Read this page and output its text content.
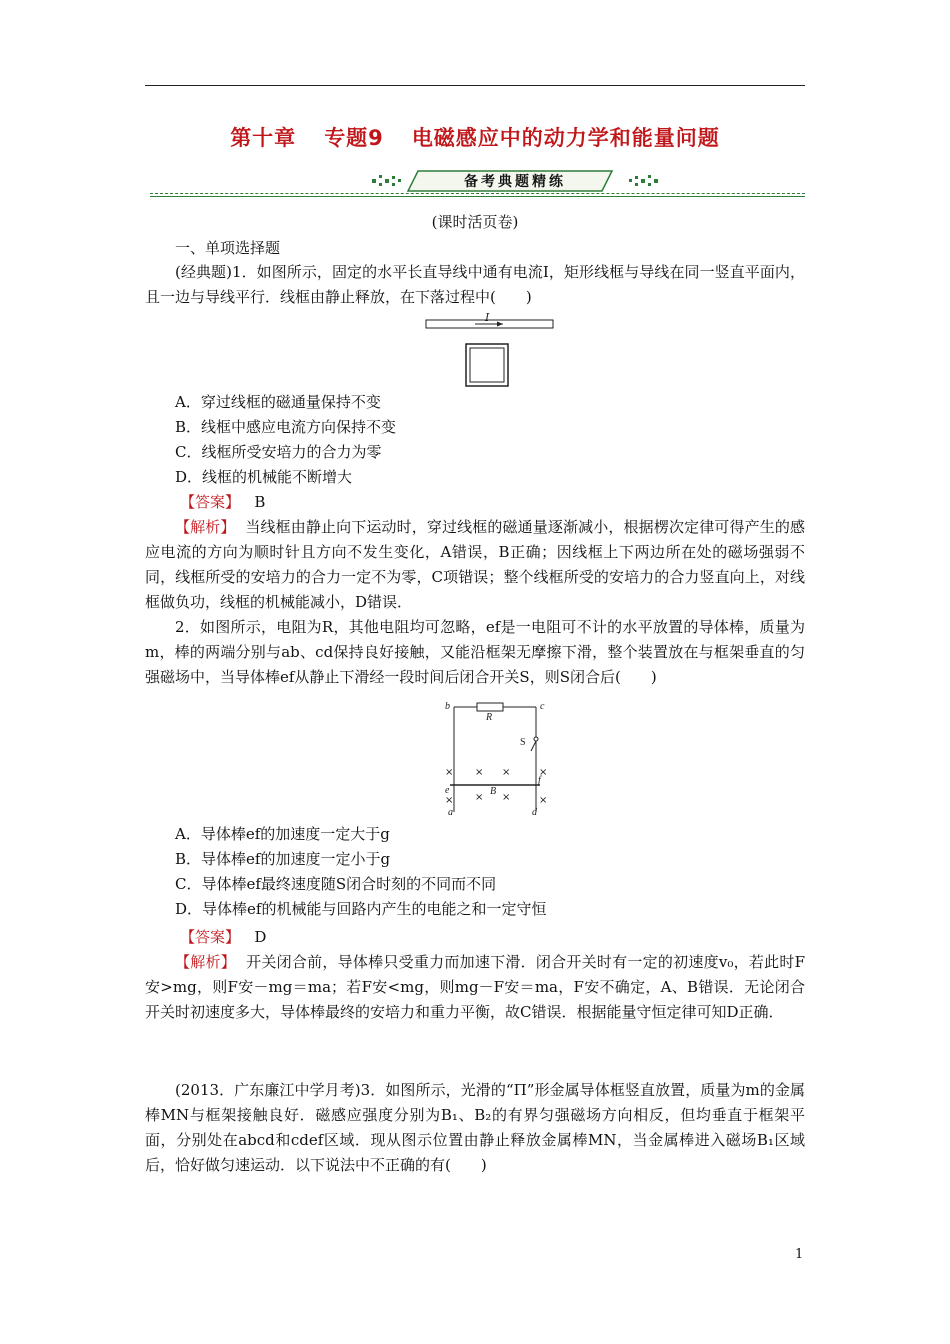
第十章 专题9 电磁感应中的动力学和能量问题
备考典题精练
(课时活页卷)
一、单项选择题
(经典题)1．如图所示，固定的水平长直导线中通有电流I，矩形线框与导线在同一竖直平面内，且一边与导线平行．线框由静止释放，在下落过程中(　　)
I
A．穿过线框的磁通量保持不变
B．线框中感应电流方向保持不变
C．线框所受安培力的合力为零
D．线框的机械能不断增大
【答案】 B
【解析】 当线框由静止向下运动时，穿过线框的磁通量逐渐减小，根据楞次定律可得产生的感应电流的方向为顺时针且方向不发生变化，A错误，B正确；因线框上下两边所在处的磁场强弱不同，线框所受的安培力的合力一定不为零，C项错误；整个线框所受的安培力的合力竖直向上，对线框做负功，线框的机械能减小，D错误．
2．如图所示，电阻为R，其他电阻均可忽略，ef是一电阻可不计的水平放置的导体棒，质量为m，棒的两端分别与ab、cd保持良好接触，又能沿框架无摩擦下滑，整个装置放在与框架垂直的匀强磁场中，当导体棒ef从静止下滑经一段时间后闭合开关S，则S闭合后(　　)
b	c
R
S
e
f
B
a	d
× × ×	×
× × ×	×
A．导体棒ef的加速度一定大于g
B．导体棒ef的加速度一定小于g
C．导体棒ef最终速度随S闭合时刻的不同而不同
D．导体棒ef的机械能与回路内产生的电能之和一定守恒
【答案】 D
【解析】 开关闭合前，导体棒只受重力而加速下滑．闭合开关时有一定的初速度v₀，若此时F安>mg，则F安－mg＝ma；若F安<mg，则mg－F安＝ma，F安不确定，A、B错误．无论闭合开关时初速度多大，导体棒最终的安培力和重力平衡，故C错误．根据能量守恒定律可知D正确．
(2013．广东廉江中学月考)3．如图所示，光滑的“Π”形金属导体框竖直放置，质量为m的金属棒MN与框架接触良好．磁感应强度分别为B₁、B₂的有界匀强磁场方向相反，但均垂直于框架平面，分别处在abcd和cdef区域．现从图示位置由静止释放金属棒MN，当金属棒进入磁场B₁区域后，恰好做匀速运动．以下说法中不正确的有(　　)
1
